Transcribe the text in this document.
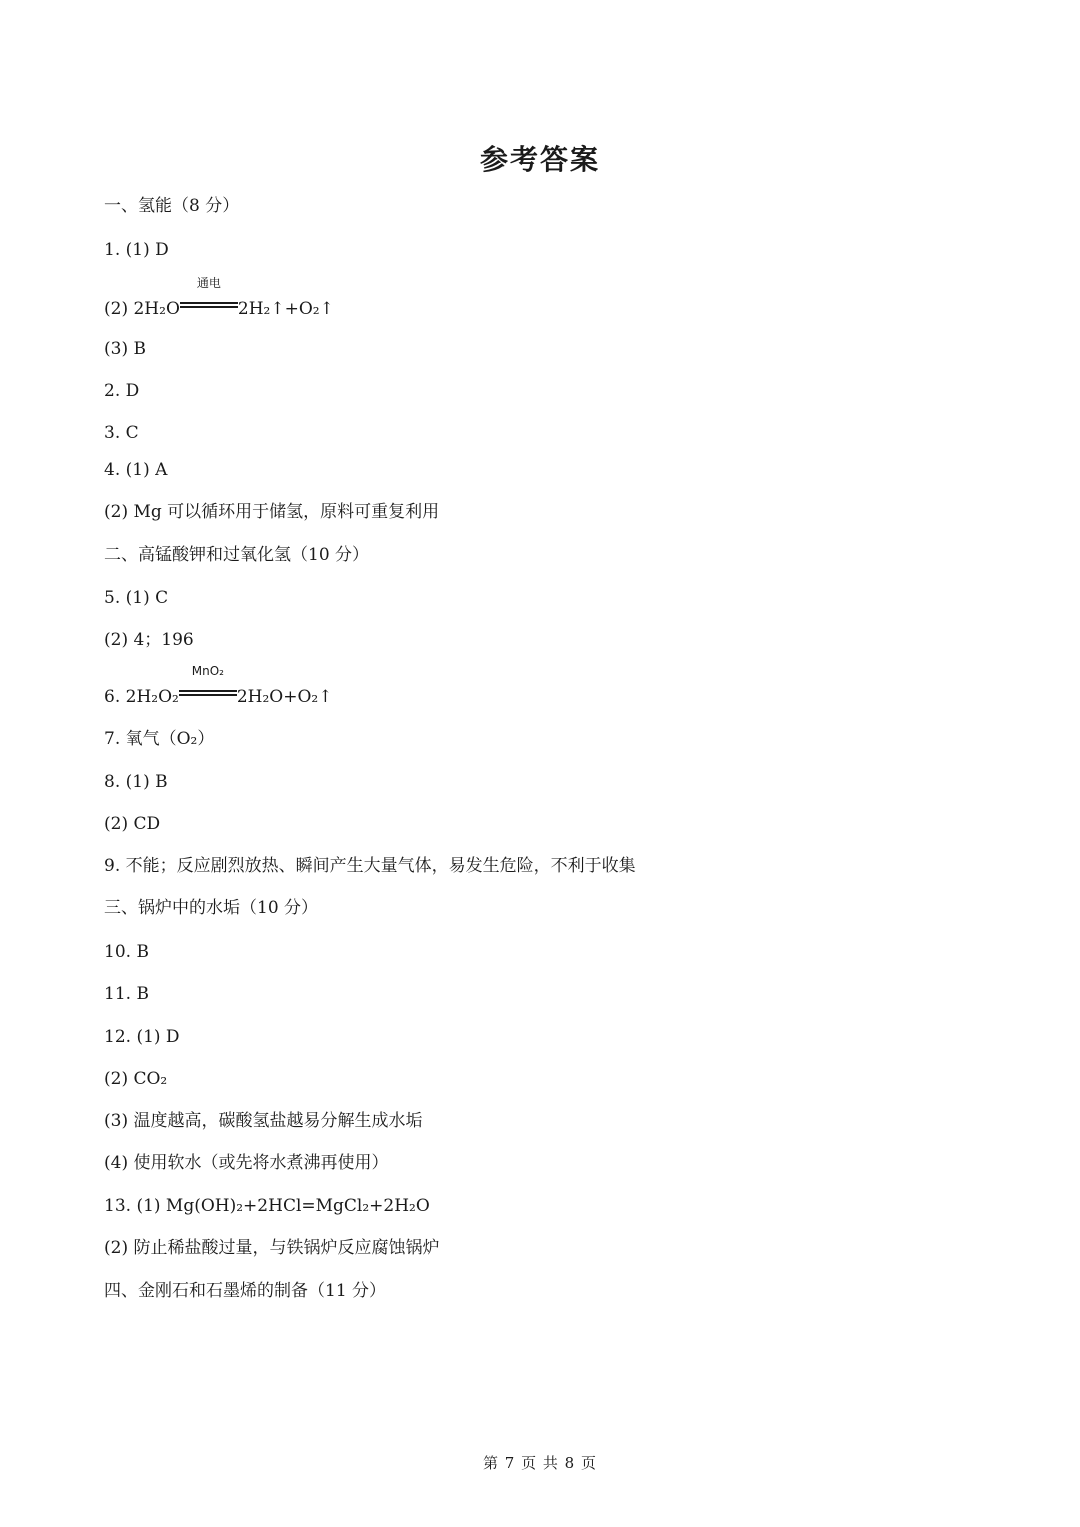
参考答案
一、氢能（8 分）
1. (1) D
(2) 2H₂O
通电
2H₂↑+O₂↑
(3) B
2. D
3. C
4. (1) A
(2) Mg 可以循环用于储氢，原料可重复利用
二、高锰酸钾和过氧化氢（10 分）
5. (1) C
(2) 4；196
6. 2H₂O₂
MnO₂
2H₂O+O₂↑
7. 氧气（O₂）
8. (1) B
(2) CD
9. 不能；反应剧烈放热、瞬间产生大量气体，易发生危险，不利于收集
三、锅炉中的水垢（10 分）
10. B
11. B
12. (1) D
(2) CO₂
(3) 温度越高，碳酸氢盐越易分解生成水垢
(4) 使用软水（或先将水煮沸再使用）
13. (1) Mg(OH)₂+2HCl=MgCl₂+2H₂O
(2) 防止稀盐酸过量，与铁锅炉反应腐蚀锅炉
四、金刚石和石墨烯的制备（11 分）
第 7 页 共 8 页
